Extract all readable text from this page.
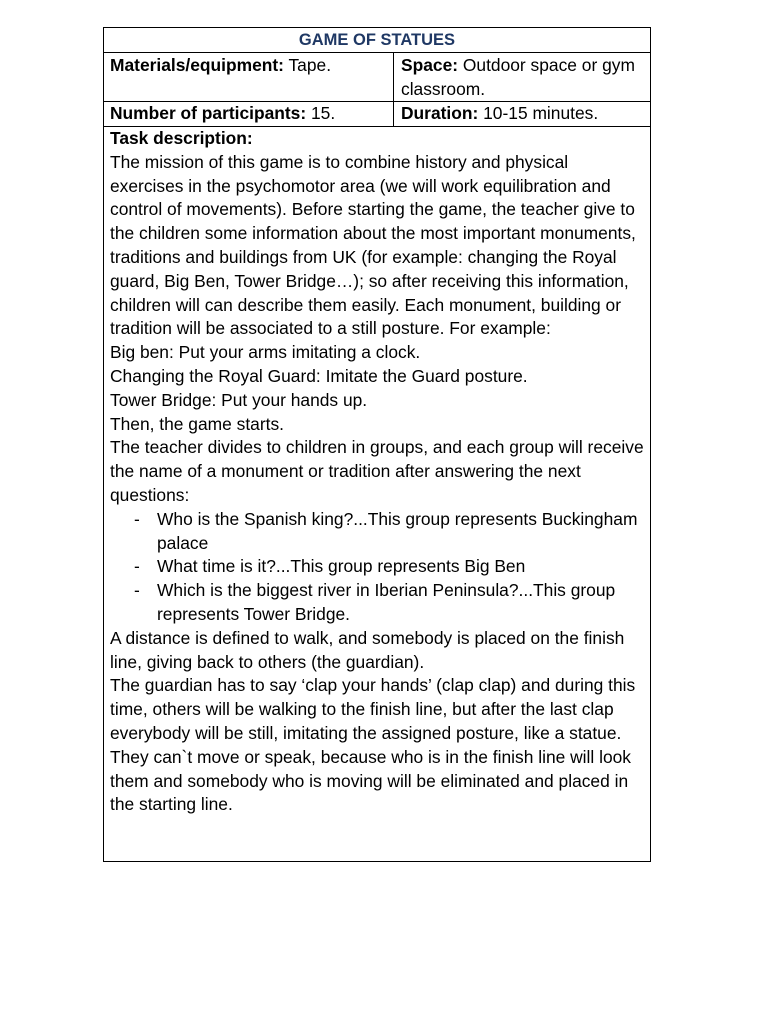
GAME OF STATUES
Materials/equipment: Tape.	Space: Outdoor space or gym classroom.
Number of participants: 15.	Duration: 10-15 minutes.

Task description:

The mission of this game is to combine history and physical exercises in the psychomotor area (we will work equilibration and control of movements). Before starting the game, the teacher give to the children some information about the most important monuments, traditions and buildings from UK (for example: changing the Royal guard, Big Ben, Tower Bridge…); so after receiving this information, children will can describe them easily. Each monument, building or tradition will be associated to a still posture. For example:

Big ben: Put your arms imitating a clock.

Changing the Royal Guard: Imitate the Guard posture.

Tower Bridge: Put your hands up.

Then, the game starts.

The teacher divides to children in groups, and each group will receive the name of a monument or tradition after answering the next questions:

- Who is the Spanish king?...This group represents Buckingham palace
- What time is it?...This group represents Big Ben
- Which is the biggest river in Iberian Peninsula?...This group represents Tower Bridge.

A distance is defined to walk, and somebody is placed on the finish line, giving back to others (the guardian).

The guardian has to say ‘clap your hands’ (clap clap) and during this time, others will be walking to the finish line, but after the last clap everybody will be still, imitating the assigned posture, like a statue. They can`t move or speak, because who is in the finish line will look them and somebody who is moving will be eliminated and placed in the starting line.
